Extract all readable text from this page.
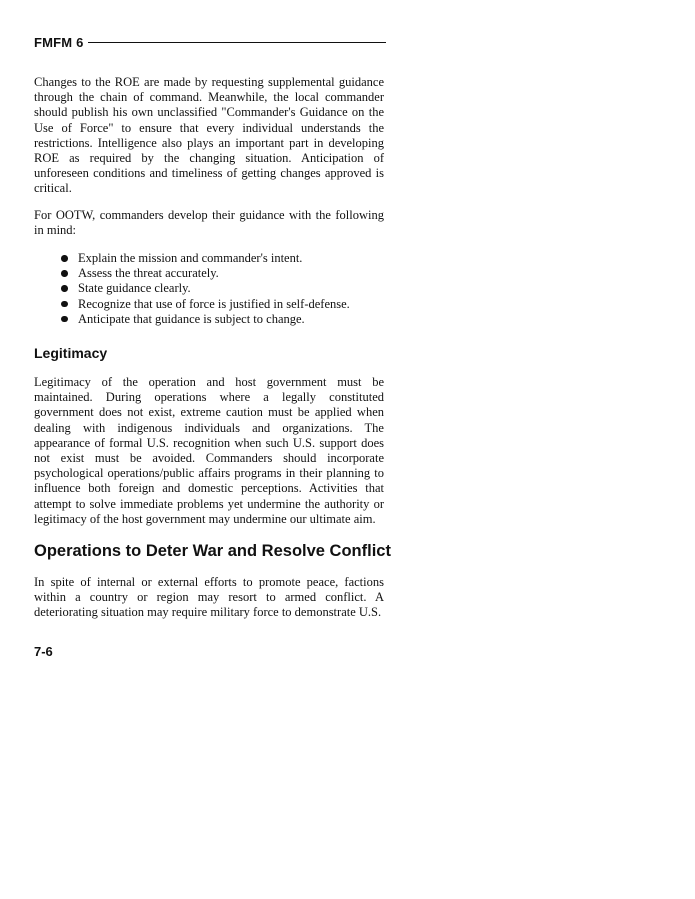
FMFM 6

Changes to the ROE are made by requesting supplemental guidance through the chain of command. Meanwhile, the local commander should publish his own unclassified "Commander's Guidance on the Use of Force" to ensure that every individual understands the restrictions. Intelligence also plays an important part in developing ROE as required by the changing situation. Anticipation of unforeseen conditions and timeliness of getting changes approved is critical.

For OOTW, commanders develop their guidance with the following in mind:

Explain the mission and commander's intent.
Assess the threat accurately.
State guidance clearly.
Recognize that use of force is justified in self-defense.
Anticipate that guidance is subject to change.
Legitimacy

Legitimacy of the operation and host government must be maintained. During operations where a legally constituted government does not exist, extreme caution must be applied when dealing with indigenous individuals and organizations. The appearance of formal U.S. recognition when such U.S. support does not exist must be avoided. Commanders should incorporate psychological operations/public affairs programs in their planning to influence both foreign and domestic perceptions. Activities that attempt to solve immediate problems yet undermine the authority or legitimacy of the host government may undermine our ultimate aim.

Operations to Deter War and Resolve Conflict

In spite of internal or external efforts to promote peace, factions within a country or region may resort to armed conflict. A deteriorating situation may require military force to demonstrate U.S.

7-6
